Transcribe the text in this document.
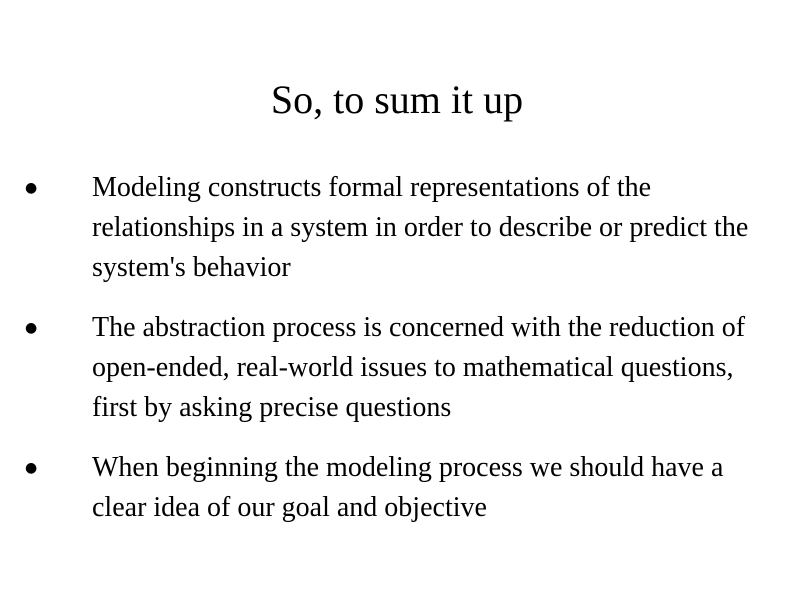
So, to sum it up
● Modeling constructs formal representations of the relationships in a system in order to describe or predict the system's behavior
● The abstraction process is concerned with the reduction of open-ended, real-world issues to mathematical questions, first by asking precise questions
● When beginning the modeling process we should have a clear idea of our goal and objective
